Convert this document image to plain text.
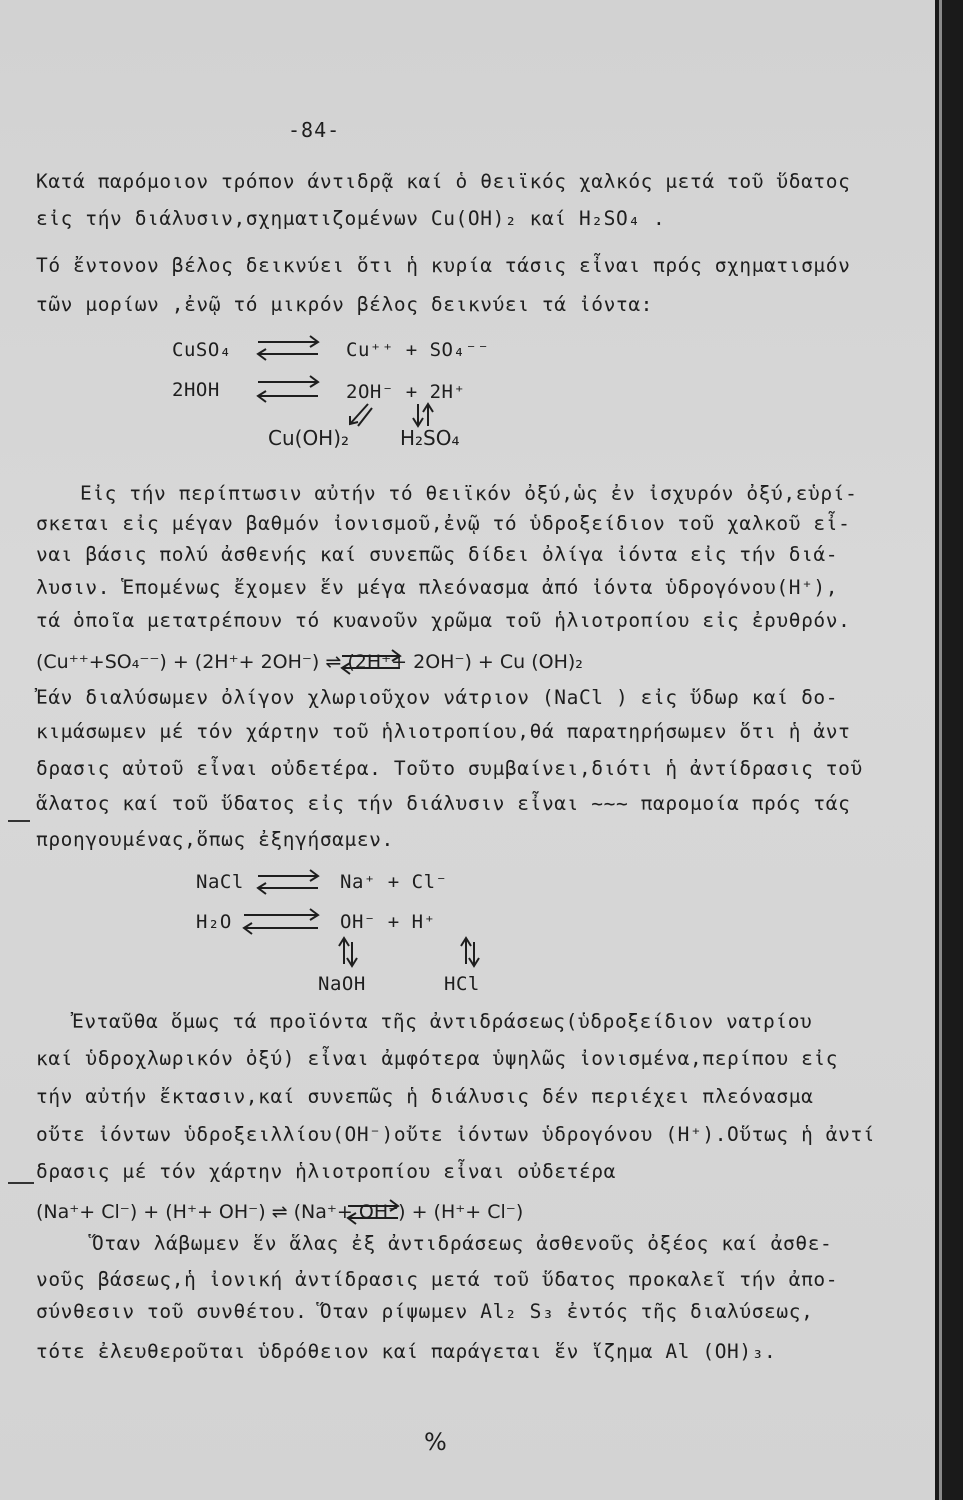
-84-
Κατά παρόμοιον τρόπον άντιδρᾷ καί ὁ θειϊκός χαλκός μετά τοῦ ὕδατος
εἰς τήν διάλυσιν,σχηματιζομένων Cu(OH)₂ καί H₂SO₄ .
Τό ἔντονον βέλος δεικνύει ὅτι ἡ κυρία τάσις εἶναι πρός σχηματισμόν
τῶν μορίων ,ἐνῷ τό μικρόν βέλος δεικνύει τά ἰόντα:
CuSO₄	Cu⁺⁺ + SO₄⁻⁻
2HOH	2OH⁻ + 2H⁺
Cu(OH)₂	H₂SO₄
Εἰς τήν περίπτωσιν αὐτήν τό θειϊκόν ὀξύ,ὡς ἐν ἰσχυρόν ὀξύ,εὑρί-
σκεται εἰς μέγαν βαθμόν ἰονισμοῦ,ἐνῷ τό ὑδροξείδιον τοῦ χαλκοῦ εἶ-
ναι βάσις πολύ ἀσθενής καί συνεπῶς δίδει ὀλίγα ἰόντα εἰς τήν διά-
λυσιν. Ἑπομένως ἔχομεν ἕν μέγα πλεόνασμα ἀπό ἰόντα ὑδρογόνου(H⁺),
τά ὁποῖα μετατρέπουν τό κυανοῦν χρῶμα τοῦ ἡλιοτροπίου εἰς ἐρυθρόν.
(Cu⁺⁺+SO₄⁻⁻) + (2H⁺+ 2OH⁻) ⇌ (2H⁺+ 2OH⁻) + Cu (OH)₂
Ἐάν διαλύσωμεν ὀλίγον χλωριοῦχον νάτριον (NaCl ) εἰς ὕδωρ καί δο-
κιμάσωμεν μέ τόν χάρτην τοῦ ἡλιοτροπίου,θά παρατηρήσωμεν ὅτι ἡ ἀντ
δρασις αὐτοῦ εἶναι οὐδετέρα. Τοῦτο συμβαίνει,διότι ἡ ἀντίδρασις τοῦ
ἅλατος καί τοῦ ὕδατος εἰς τήν διάλυσιν εἶναι ~~~ παρομοία πρός τάς
προηγουμένας,ὅπως ἐξηγήσαμεν.
NaCl	Na⁺ + Cl⁻
H₂O	OH⁻ + H⁺
NaOH	HCl
Ἐνταῦθα ὅμως τά προϊόντα τῆς ἀντιδράσεως(ὑδροξείδιον νατρίου
καί ὑδροχλωρικόν ὀξύ) εἶναι ἀμφότερα ὑψηλῶς ἰονισμένα,περίπου εἰς
τήν αὐτήν ἔκτασιν,καί συνεπῶς ἡ διάλυσις δέν περιέχει πλεόνασμα
οὔτε ἰόντων ὑδροξειλλίου(OH⁻)οὔτε ἰόντων ὑδρογόνου (H⁺).Οὕτως ἡ ἀντί
δρασις μέ τόν χάρτην ἡλιοτροπίου εἶναι οὐδετέρα
(Na⁺+ Cl⁻) + (H⁺+ OH⁻) ⇌ (Na⁺+ OH⁻) + (H⁺+ Cl⁻)
Ὅταν λάβωμεν ἕν ἅλας ἐξ ἀντιδράσεως ἀσθενοῦς ὀξέος καί ἀσθε-
νοῦς βάσεως,ἡ ἰονική ἀντίδρασις μετά τοῦ ὕδατος προκαλεῖ τήν ἀπο-
σύνθεσιν τοῦ συνθέτου. Ὅταν ρίψωμεν Al₂ S₃ ἐντός τῆς διαλύσεως,
τότε ἐλευθεροῦται ὑδρόθειον καί παράγεται ἕν ἵζημα Al (OH)₃.
%
